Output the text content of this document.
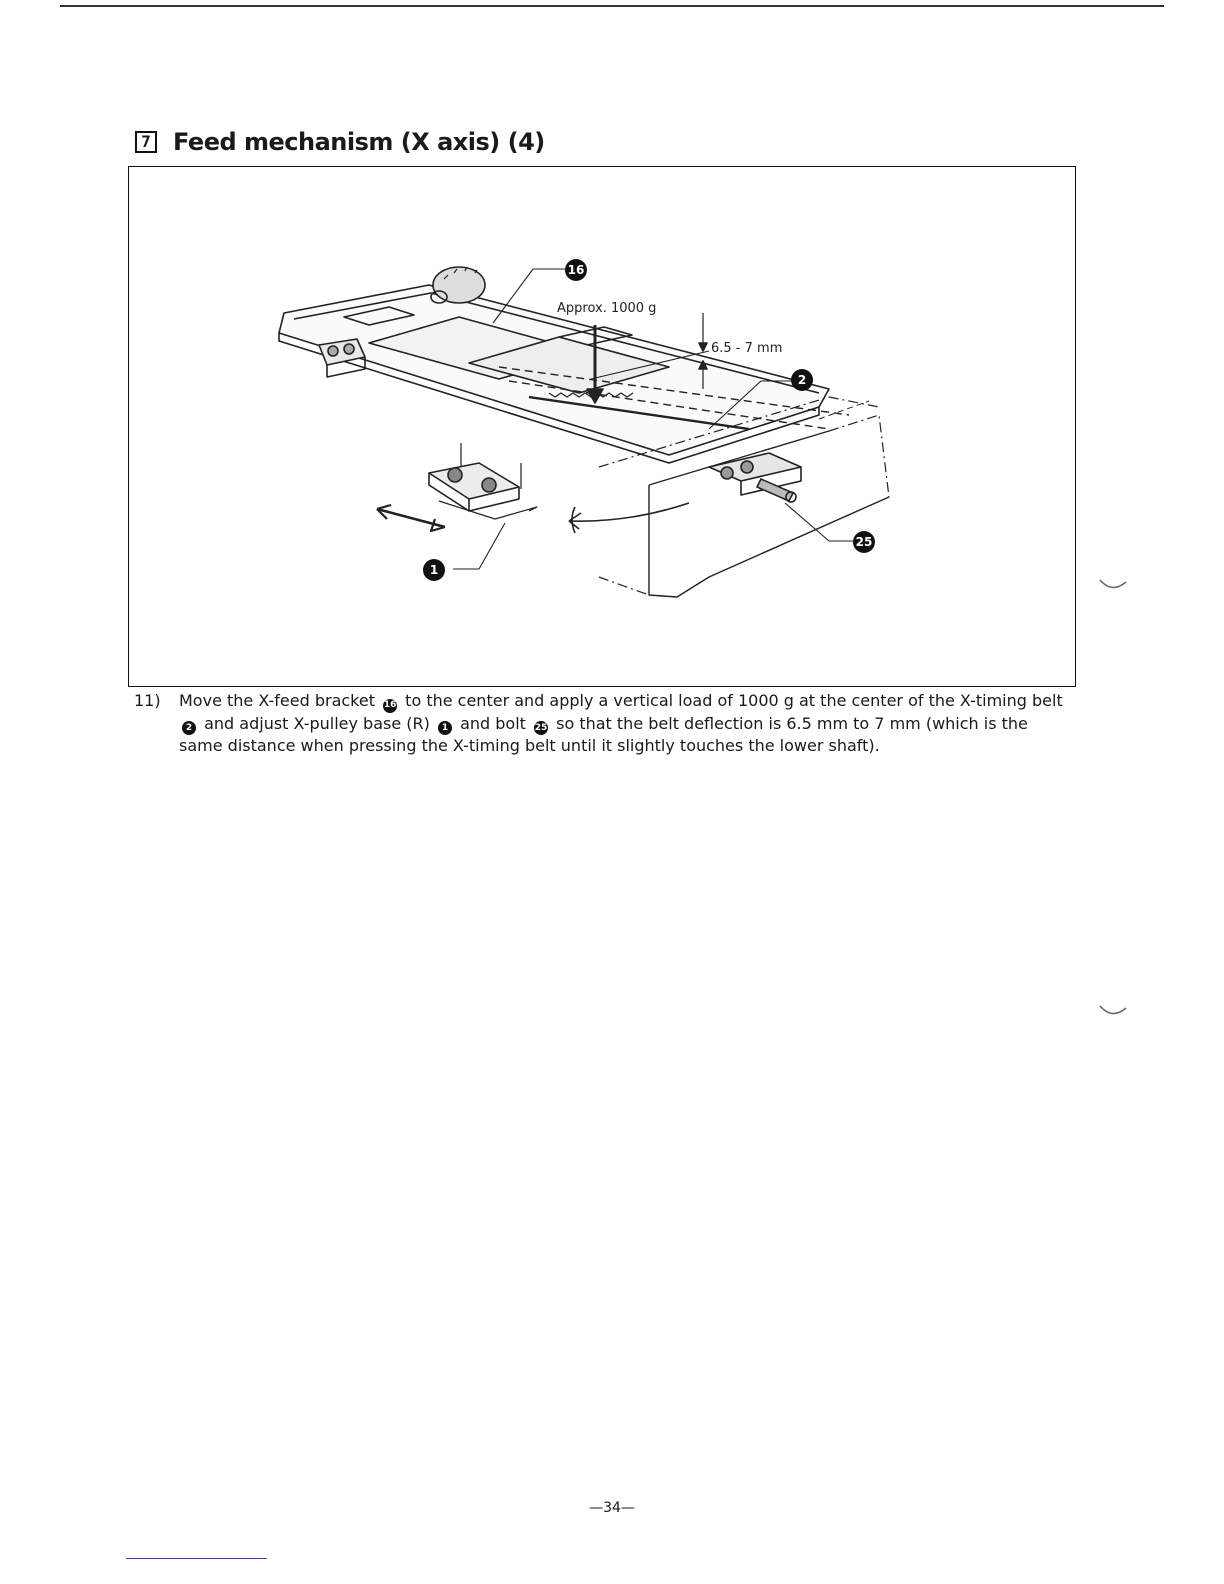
7 Feed mechanism (X axis) (4)
Approx. 1000 g
6.5 - 7 mm
16
2
1
25
11) Move the X-feed bracket 16 to the center and apply a vertical load of 1000 g at the center of the X-timing belt 2 and adjust X-pulley base (R) 1 and bolt 25 so that the belt deflection is 6.5 mm to 7 mm (which is the same distance when pressing the X-timing belt until it slightly touches the lower shaft).
—34—
